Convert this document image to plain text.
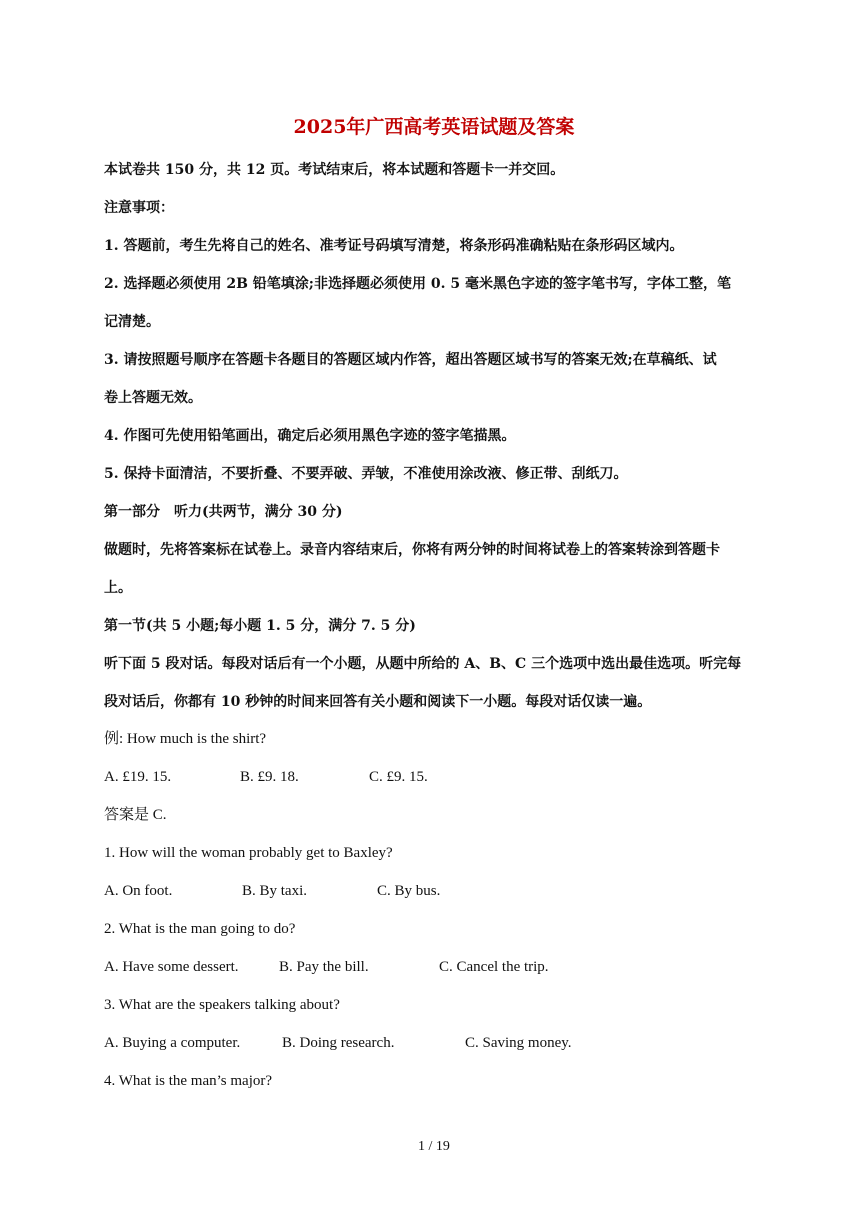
2025年广西高考英语试题及答案
本试卷共 150 分，共 12 页。考试结束后，将本试题和答题卡一并交回。
注意事项：
1. 答题前，考生先将自己的姓名、准考证号码填写清楚，将条形码准确粘贴在条形码区域内。
2. 选择题必须使用 2B 铅笔填涂;非选择题必须使用 0. 5 毫米黑色字迹的签字笔书写，字体工整，笔
记清楚。
3. 请按照题号顺序在答题卡各题目的答题区域内作答，超出答题区域书写的答案无效;在草稿纸、试
卷上答题无效。
4. 作图可先使用铅笔画出，确定后必须用黑色字迹的签字笔描黑。
5. 保持卡面清洁，不要折叠、不要弄破、弄皱，不准使用涂改液、修正带、刮纸刀。
第一部分　听力(共两节，满分 30 分)
做题时，先将答案标在试卷上。录音内容结束后，你将有两分钟的时间将试卷上的答案转涂到答题卡
上。
第一节(共 5 小题;每小题 1. 5 分，满分 7. 5 分)
听下面 5 段对话。每段对话后有一个小题，从题中所给的 A、B、C 三个选项中选出最佳选项。听完每
段对话后，你都有 10 秒钟的时间来回答有关小题和阅读下一小题。每段对话仅读一遍。
例: How much is the shirt?
A. £19. 15.	B. £9. 18.	C. £9. 15.
答案是 C.
1. How will the woman probably get to Baxley?
A. On foot.	B. By taxi.	C. By bus.
2. What is the man going to do?
A. Have some dessert.	B. Pay the bill.	C. Cancel the trip.
3. What are the speakers talking about?
A. Buying a computer.	B. Doing research.	C. Saving money.
4. What is the man’s major?
1 / 19
